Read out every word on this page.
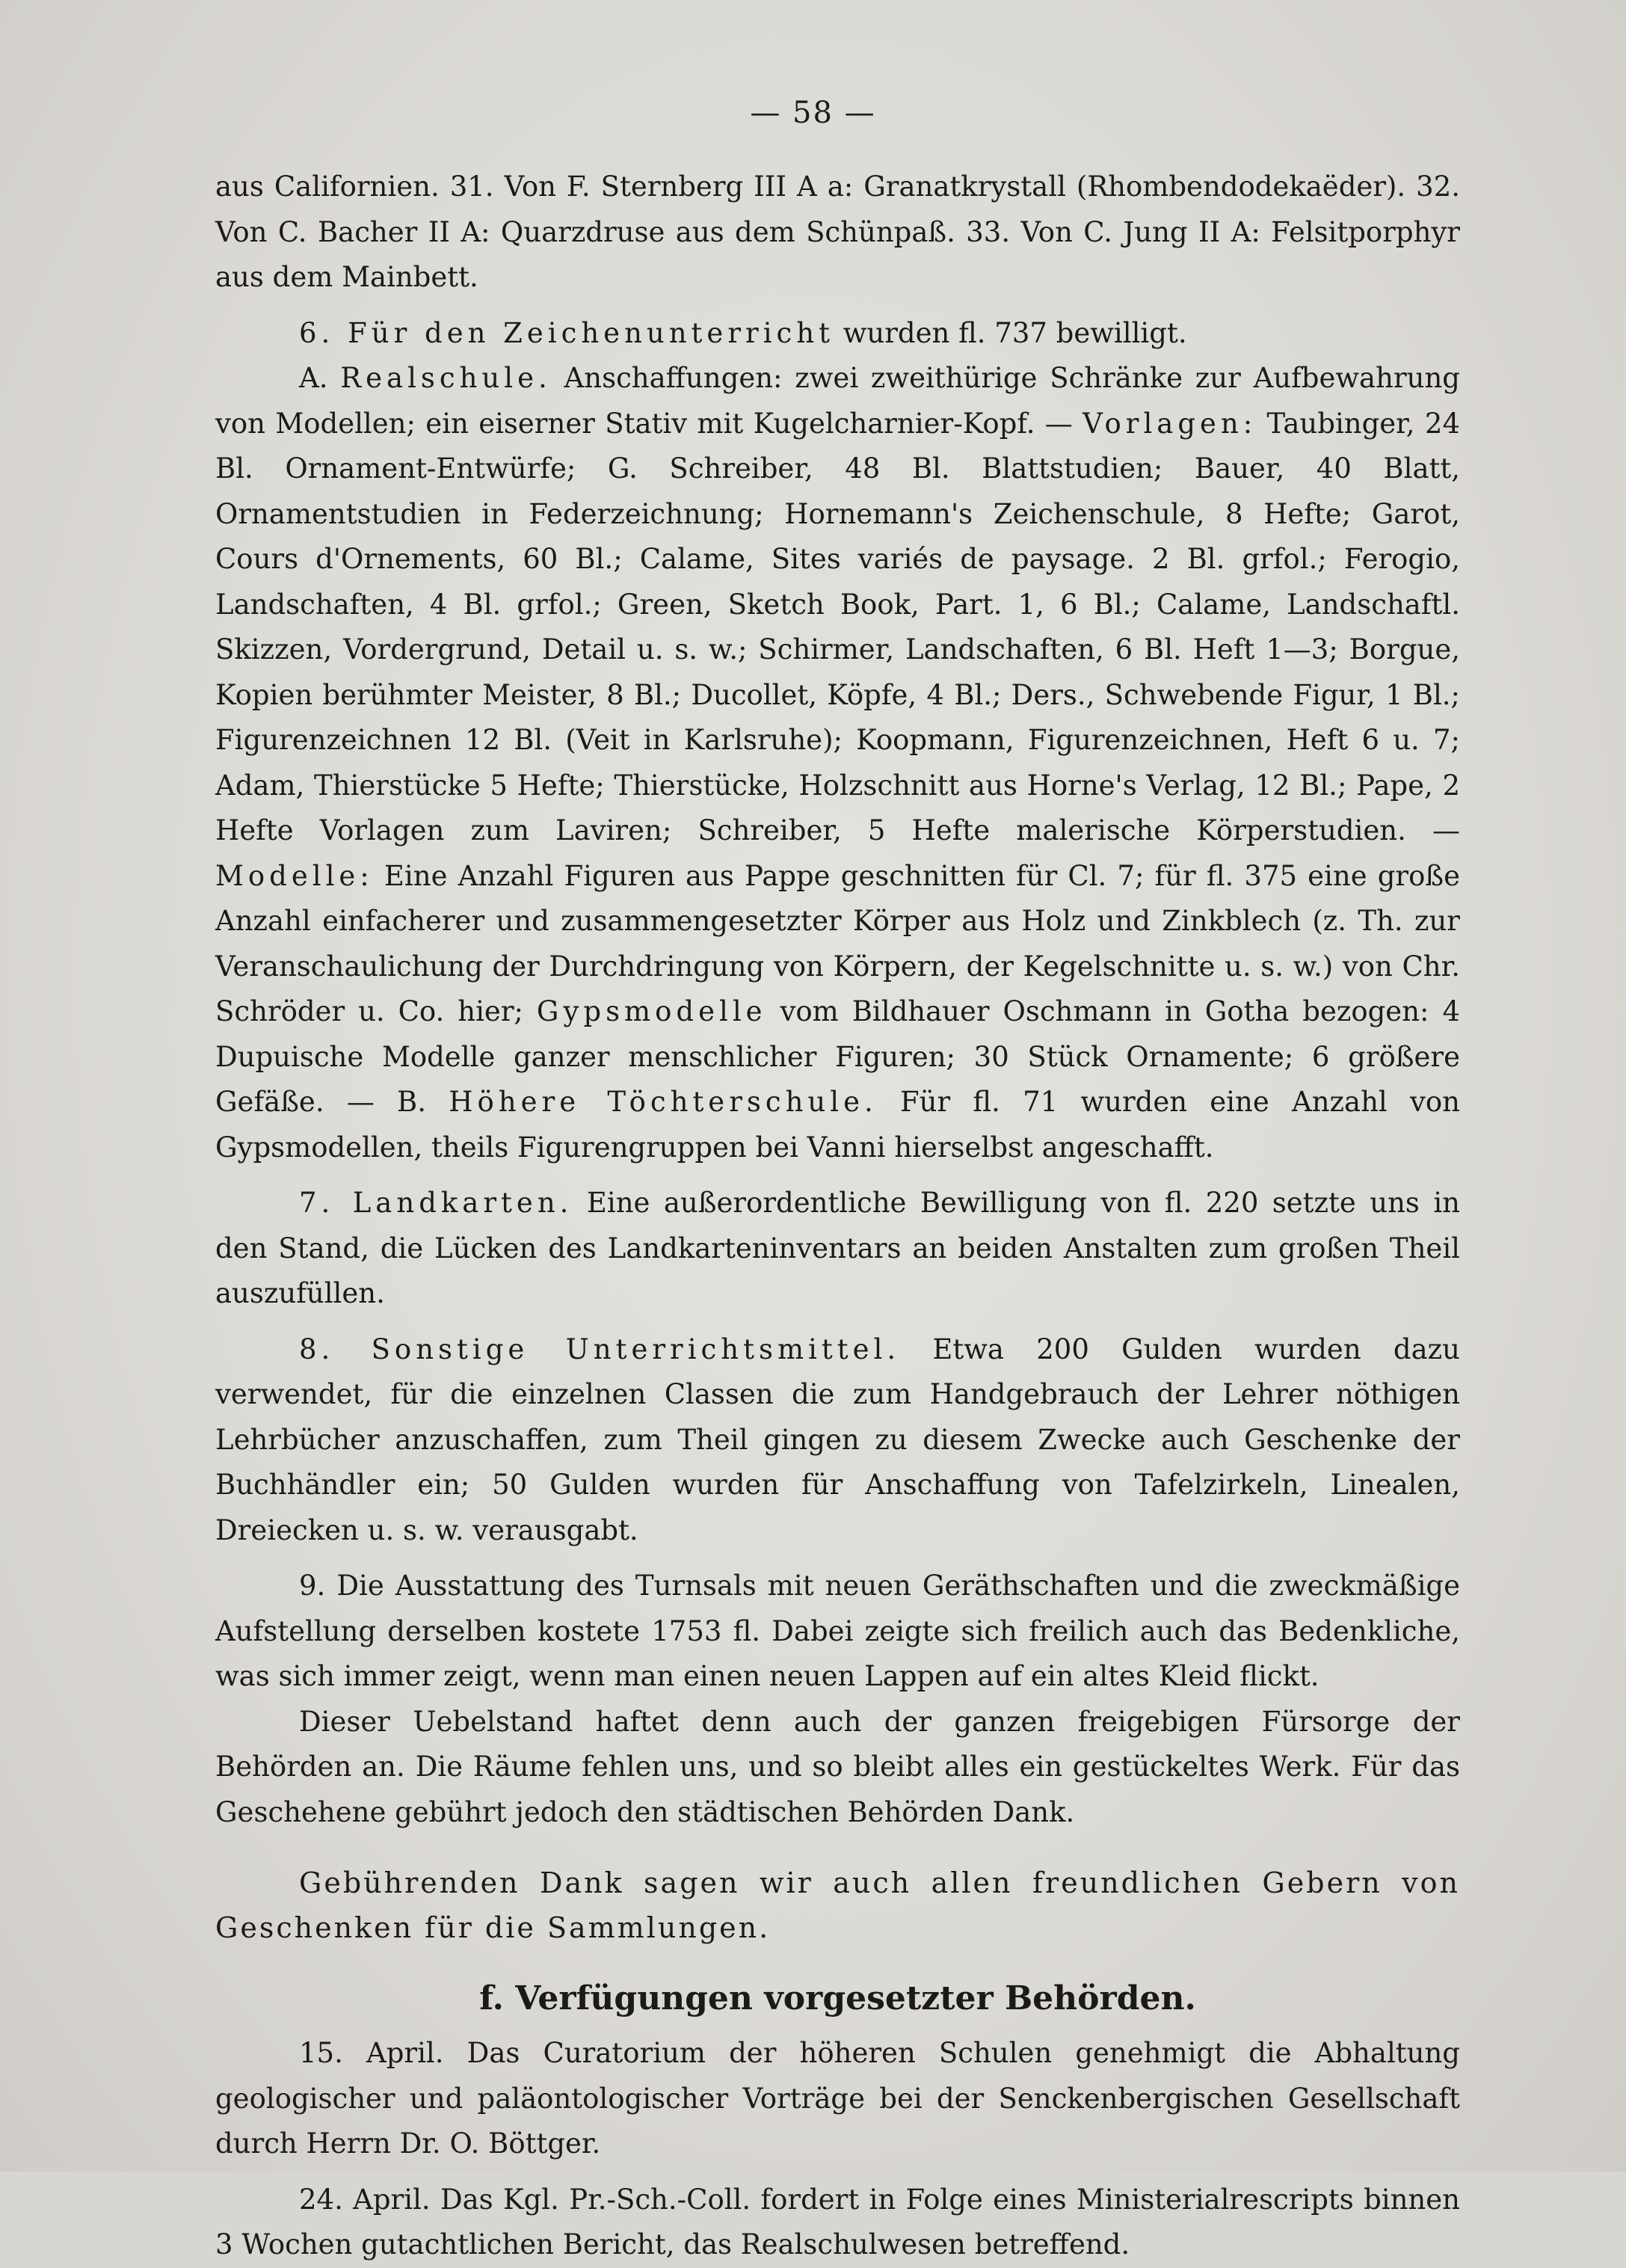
— 58 —

aus Californien. 31. Von F. Sternberg III A a: Granatkrystall (Rhombendodekaëder). 32. Von C. Bacher II A: Quarzdruse aus dem Schünpaß. 33. Von C. Jung II A: Felsitporphyr aus dem Mainbett.

6. Für den Zeichenunterricht wurden fl. 737 bewilligt.

A. Realschule. Anschaffungen: zwei zweithürige Schränke zur Aufbewahrung von Modellen; ein eiserner Stativ mit Kugelcharnier-Kopf. — Vorlagen: Taubinger, 24 Bl. Ornament-Entwürfe; G. Schreiber, 48 Bl. Blattstudien; Bauer, 40 Blatt, Ornamentstudien in Federzeichnung; Hornemann's Zeichenschule, 8 Hefte; Garot, Cours d'Ornements, 60 Bl.; Calame, Sites variés de paysage. 2 Bl. grfol.; Ferogio, Landschaften, 4 Bl. grfol.; Green, Sketch Book, Part. 1, 6 Bl.; Calame, Landschaftl. Skizzen, Vordergrund, Detail u. s. w.; Schirmer, Landschaften, 6 Bl. Heft 1—3; Borgue, Kopien berühmter Meister, 8 Bl.; Ducollet, Köpfe, 4 Bl.; Ders., Schwebende Figur, 1 Bl.; Figurenzeichnen 12 Bl. (Veit in Karlsruhe); Koopmann, Figurenzeichnen, Heft 6 u. 7; Adam, Thierstücke 5 Hefte; Thierstücke, Holzschnitt aus Horne's Verlag, 12 Bl.; Pape, 2 Hefte Vorlagen zum Laviren; Schreiber, 5 Hefte malerische Körperstudien. — Modelle: Eine Anzahl Figuren aus Pappe geschnitten für Cl. 7; für fl. 375 eine große Anzahl einfacherer und zusammengesetzter Körper aus Holz und Zinkblech (z. Th. zur Veranschaulichung der Durchdringung von Körpern, der Kegelschnitte u. s. w.) von Chr. Schröder u. Co. hier; Gypsmodelle vom Bildhauer Oschmann in Gotha bezogen: 4 Dupuische Modelle ganzer menschlicher Figuren; 30 Stück Ornamente; 6 größere Gefäße. — B. Höhere Töchterschule. Für fl. 71 wurden eine Anzahl von Gypsmodellen, theils Figurengruppen bei Vanni hierselbst angeschafft.

7. Landkarten. Eine außerordentliche Bewilligung von fl. 220 setzte uns in den Stand, die Lücken des Landkarteninventars an beiden Anstalten zum großen Theil auszufüllen.

8. Sonstige Unterrichtsmittel. Etwa 200 Gulden wurden dazu verwendet, für die einzelnen Classen die zum Handgebrauch der Lehrer nöthigen Lehrbücher anzuschaffen, zum Theil gingen zu diesem Zwecke auch Geschenke der Buchhändler ein; 50 Gulden wurden für Anschaffung von Tafelzirkeln, Linealen, Dreiecken u. s. w. verausgabt.

9. Die Ausstattung des Turnsals mit neuen Geräthschaften und die zweckmäßige Aufstellung derselben kostete 1753 fl. Dabei zeigte sich freilich auch das Bedenkliche, was sich immer zeigt, wenn man einen neuen Lappen auf ein altes Kleid flickt.

Dieser Uebelstand haftet denn auch der ganzen freigebigen Fürsorge der Behörden an. Die Räume fehlen uns, und so bleibt alles ein gestückeltes Werk. Für das Geschehene gebührt jedoch den städtischen Behörden Dank.

Gebührenden Dank sagen wir auch allen freundlichen Gebern von Geschenken für die Sammlungen.

f. Verfügungen vorgesetzter Behörden.

15. April. Das Curatorium der höheren Schulen genehmigt die Abhaltung geologischer und paläontologischer Vorträge bei der Senckenbergischen Gesellschaft durch Herrn Dr. O. Böttger.

24. April. Das Kgl. Pr.-Sch.-Coll. fordert in Folge eines Ministerialrescripts binnen 3 Wochen gutachtlichen Bericht, das Realschulwesen betreffend.
